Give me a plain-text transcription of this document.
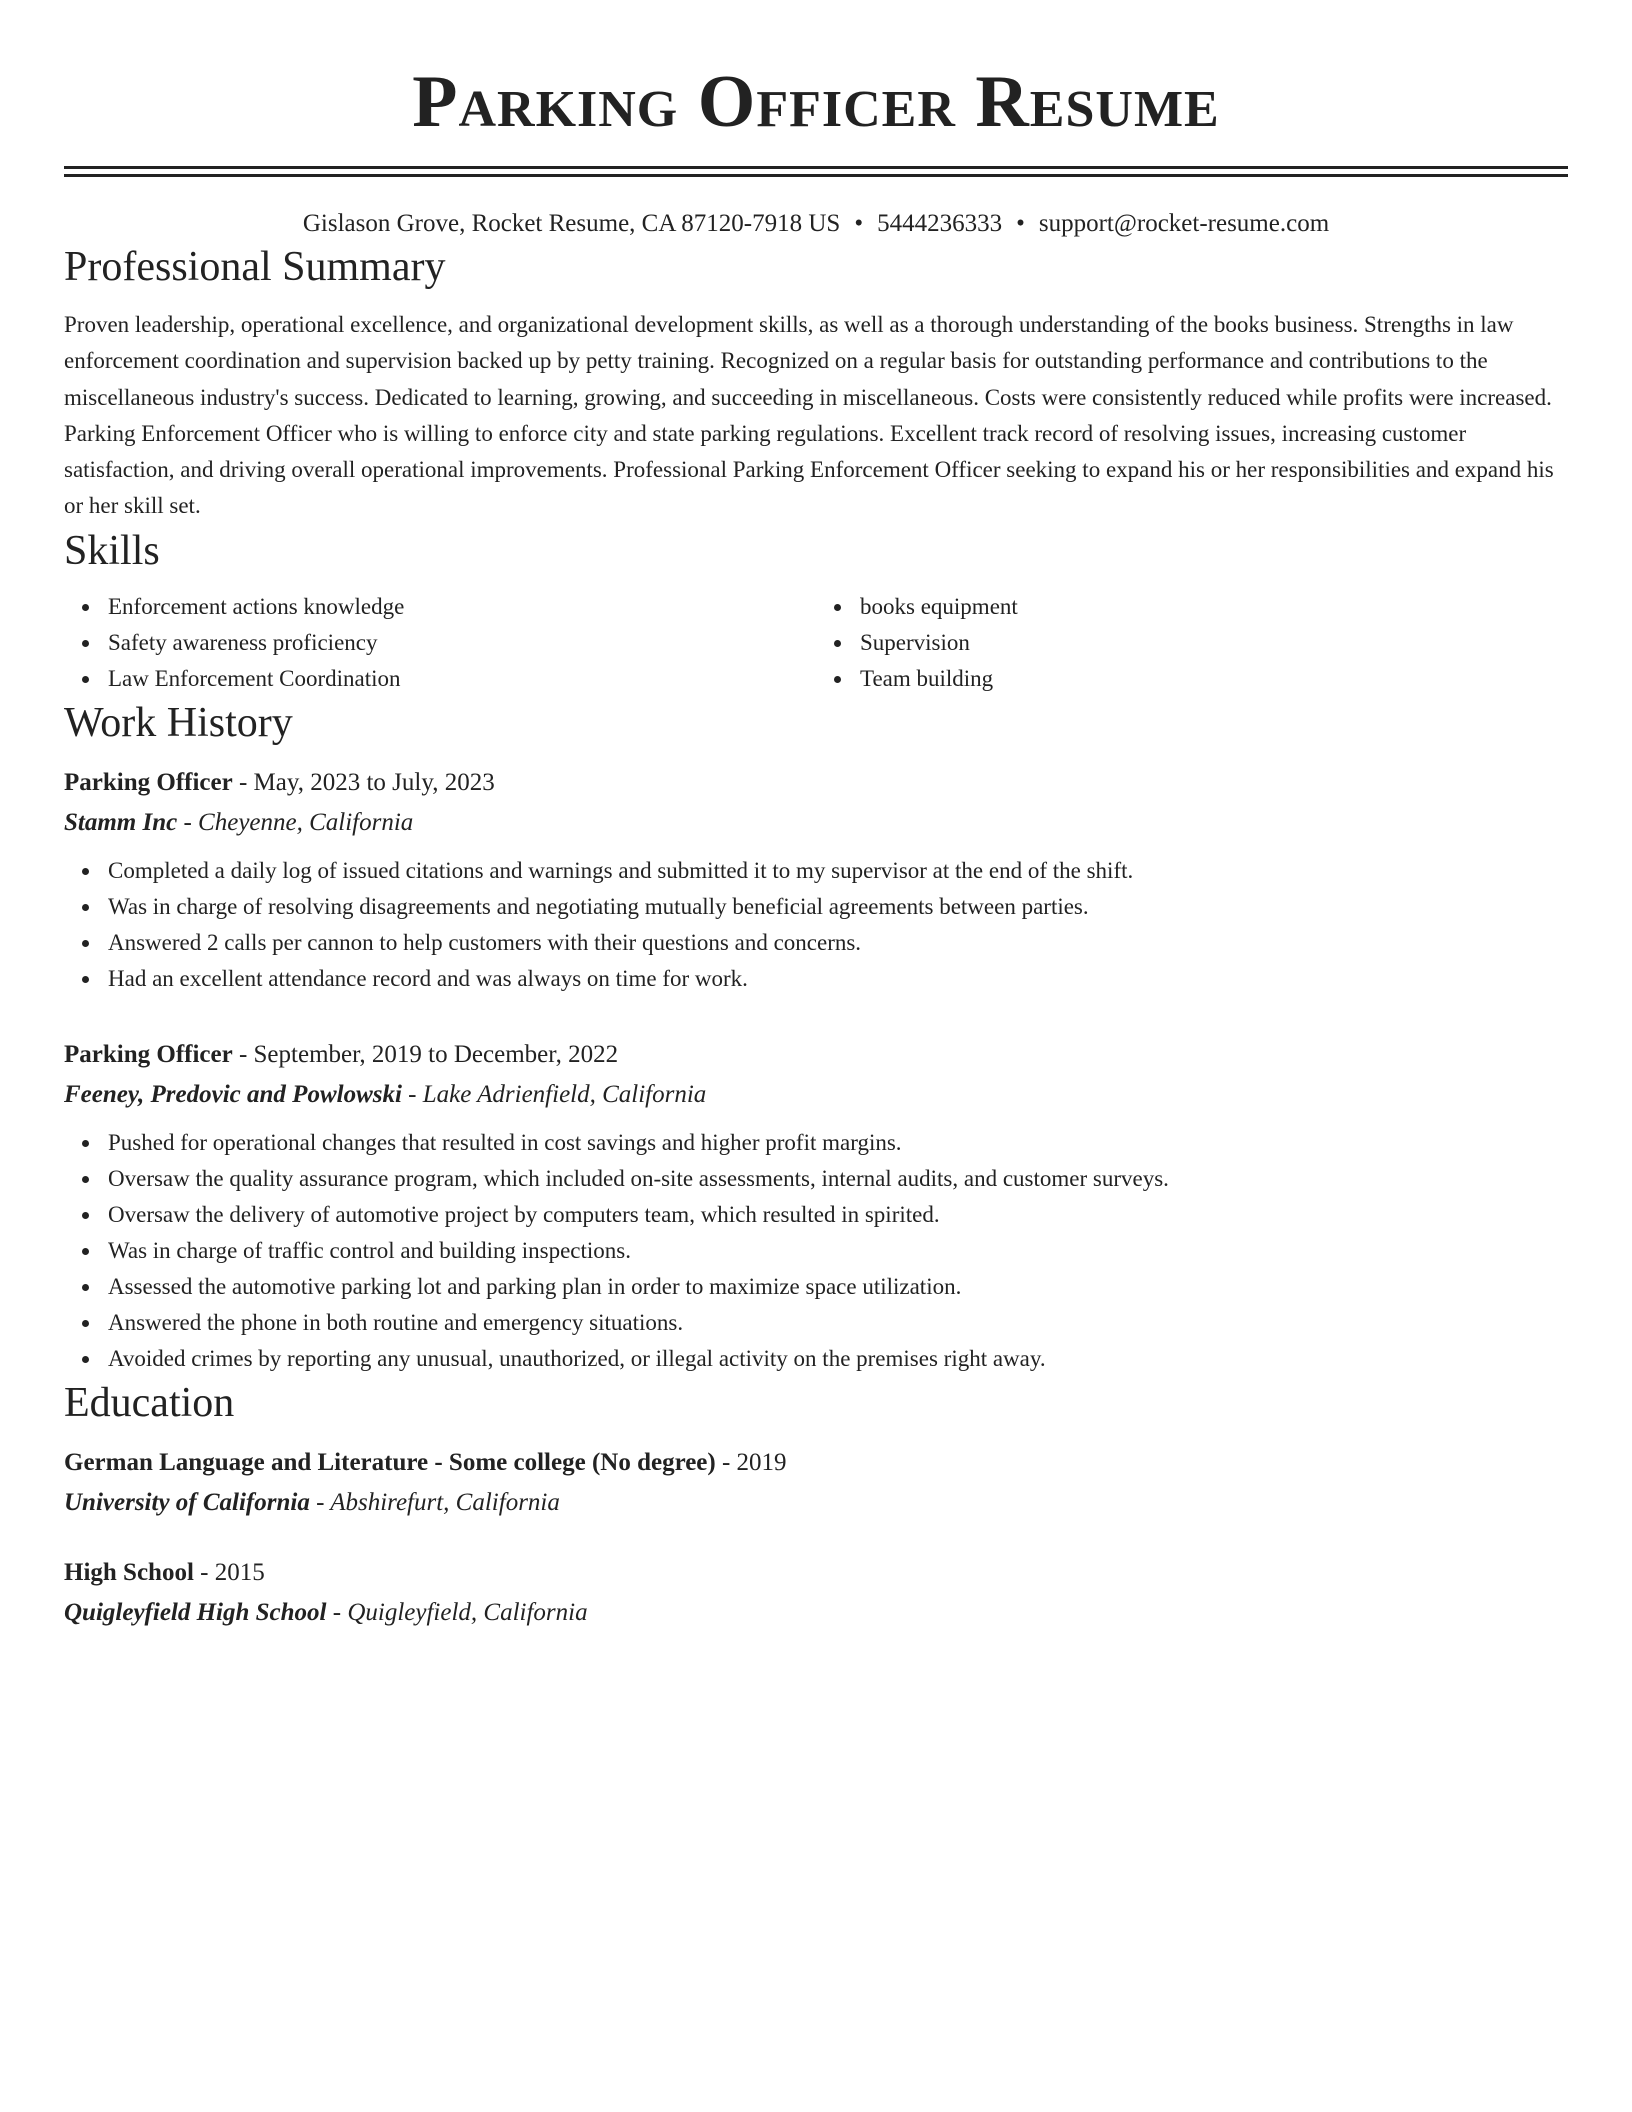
Parking Officer Resume
Gislason Grove, Rocket Resume, CA 87120-7918 US • 5444236333 • support@rocket-resume.com
Professional Summary

Proven leadership, operational excellence, and organizational development skills, as well as a thorough understanding of the books business. Strengths in law enforcement coordination and supervision backed up by petty training. Recognized on a regular basis for outstanding performance and contributions to the miscellaneous industry's success. Dedicated to learning, growing, and succeeding in miscellaneous. Costs were consistently reduced while profits were increased. Parking Enforcement Officer who is willing to enforce city and state parking regulations. Excellent track record of resolving issues, increasing customer satisfaction, and driving overall operational improvements. Professional Parking Enforcement Officer seeking to expand his or her responsibilities and expand his or her skill set.

Skills
Enforcement actions knowledge
Safety awareness proficiency
Law Enforcement Coordination
books equipment
Supervision
Team building
Work History
Parking Officer - May, 2023 to July, 2023
Stamm Inc - Cheyenne, California
Completed a daily log of issued citations and warnings and submitted it to my supervisor at the end of the shift.
Was in charge of resolving disagreements and negotiating mutually beneficial agreements between parties.
Answered 2 calls per cannon to help customers with their questions and concerns.
Had an excellent attendance record and was always on time for work.
Parking Officer - September, 2019 to December, 2022
Feeney, Predovic and Powlowski - Lake Adrienfield, California
Pushed for operational changes that resulted in cost savings and higher profit margins.
Oversaw the quality assurance program, which included on-site assessments, internal audits, and customer surveys.
Oversaw the delivery of automotive project by computers team, which resulted in spirited.
Was in charge of traffic control and building inspections.
Assessed the automotive parking lot and parking plan in order to maximize space utilization.
Answered the phone in both routine and emergency situations.
Avoided crimes by reporting any unusual, unauthorized, or illegal activity on the premises right away.
Education
German Language and Literature - Some college (No degree) - 2019
University of California - Abshirefurt, California
High School - 2015
Quigleyfield High School - Quigleyfield, California
